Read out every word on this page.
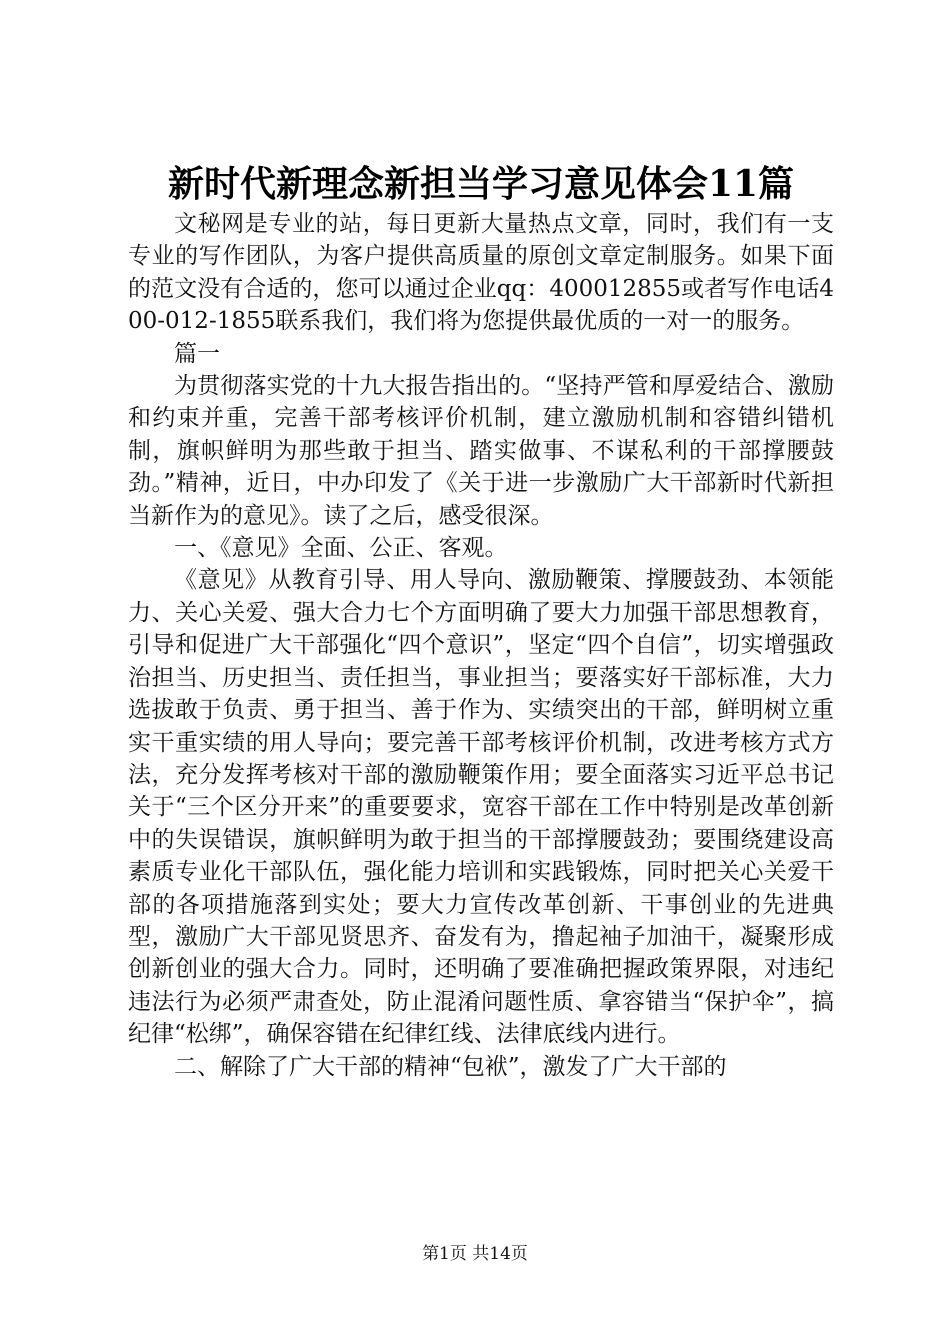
新时代新理念新担当学习意见体会11篇

文秘网是专业的站，每日更新大量热点文章，同时，我们有一支专业的写作团队，为客户提供高质量的原创文章定制服务。如果下面的范文没有合适的，您可以通过企业qq：400012855或者写作电话400-012-1855联系我们，我们将为您提供最优质的一对一的服务。

篇一

为贯彻落实党的十九大报告指出的。“坚持严管和厚爱结合、激励和约束并重，完善干部考核评价机制，建立激励机制和容错纠错机制，旗帜鲜明为那些敢于担当、踏实做事、不谋私利的干部撑腰鼓劲。”精神，近日，中办印发了《关于进一步激励广大干部新时代新担当新作为的意见》。读了之后，感受很深。

一、《意见》全面、公正、客观。

《意见》从教育引导、用人导向、激励鞭策、撑腰鼓劲、本领能力、关心关爱、强大合力七个方面明确了要大力加强干部思想教育，引导和促进广大干部强化“四个意识”，坚定“四个自信”，切实增强政治担当、历史担当、责任担当，事业担当；要落实好干部标准，大力选拔敢于负责、勇于担当、善于作为、实绩突出的干部，鲜明树立重实干重实绩的用人导向；要完善干部考核评价机制，改进考核方式方法，充分发挥考核对干部的激励鞭策作用；要全面落实习近平总书记关于“三个区分开来”的重要要求，宽容干部在工作中特别是改革创新中的失误错误，旗帜鲜明为敢于担当的干部撑腰鼓劲；要围绕建设高素质专业化干部队伍，强化能力培训和实践锻炼，同时把关心关爱干部的各项措施落到实处；要大力宣传改革创新、干事创业的先进典型，激励广大干部见贤思齐、奋发有为，撸起袖子加油干，凝聚形成创新创业的强大合力。同时，还明确了要准确把握政策界限，对违纪违法行为必须严肃查处，防止混淆问题性质、拿容错当“保护伞”，搞纪律“松绑”，确保容错在纪律红线、法律底线内进行。

二、解除了广大干部的精神“包袱”，激发了广大干部的

第1页 共14页
